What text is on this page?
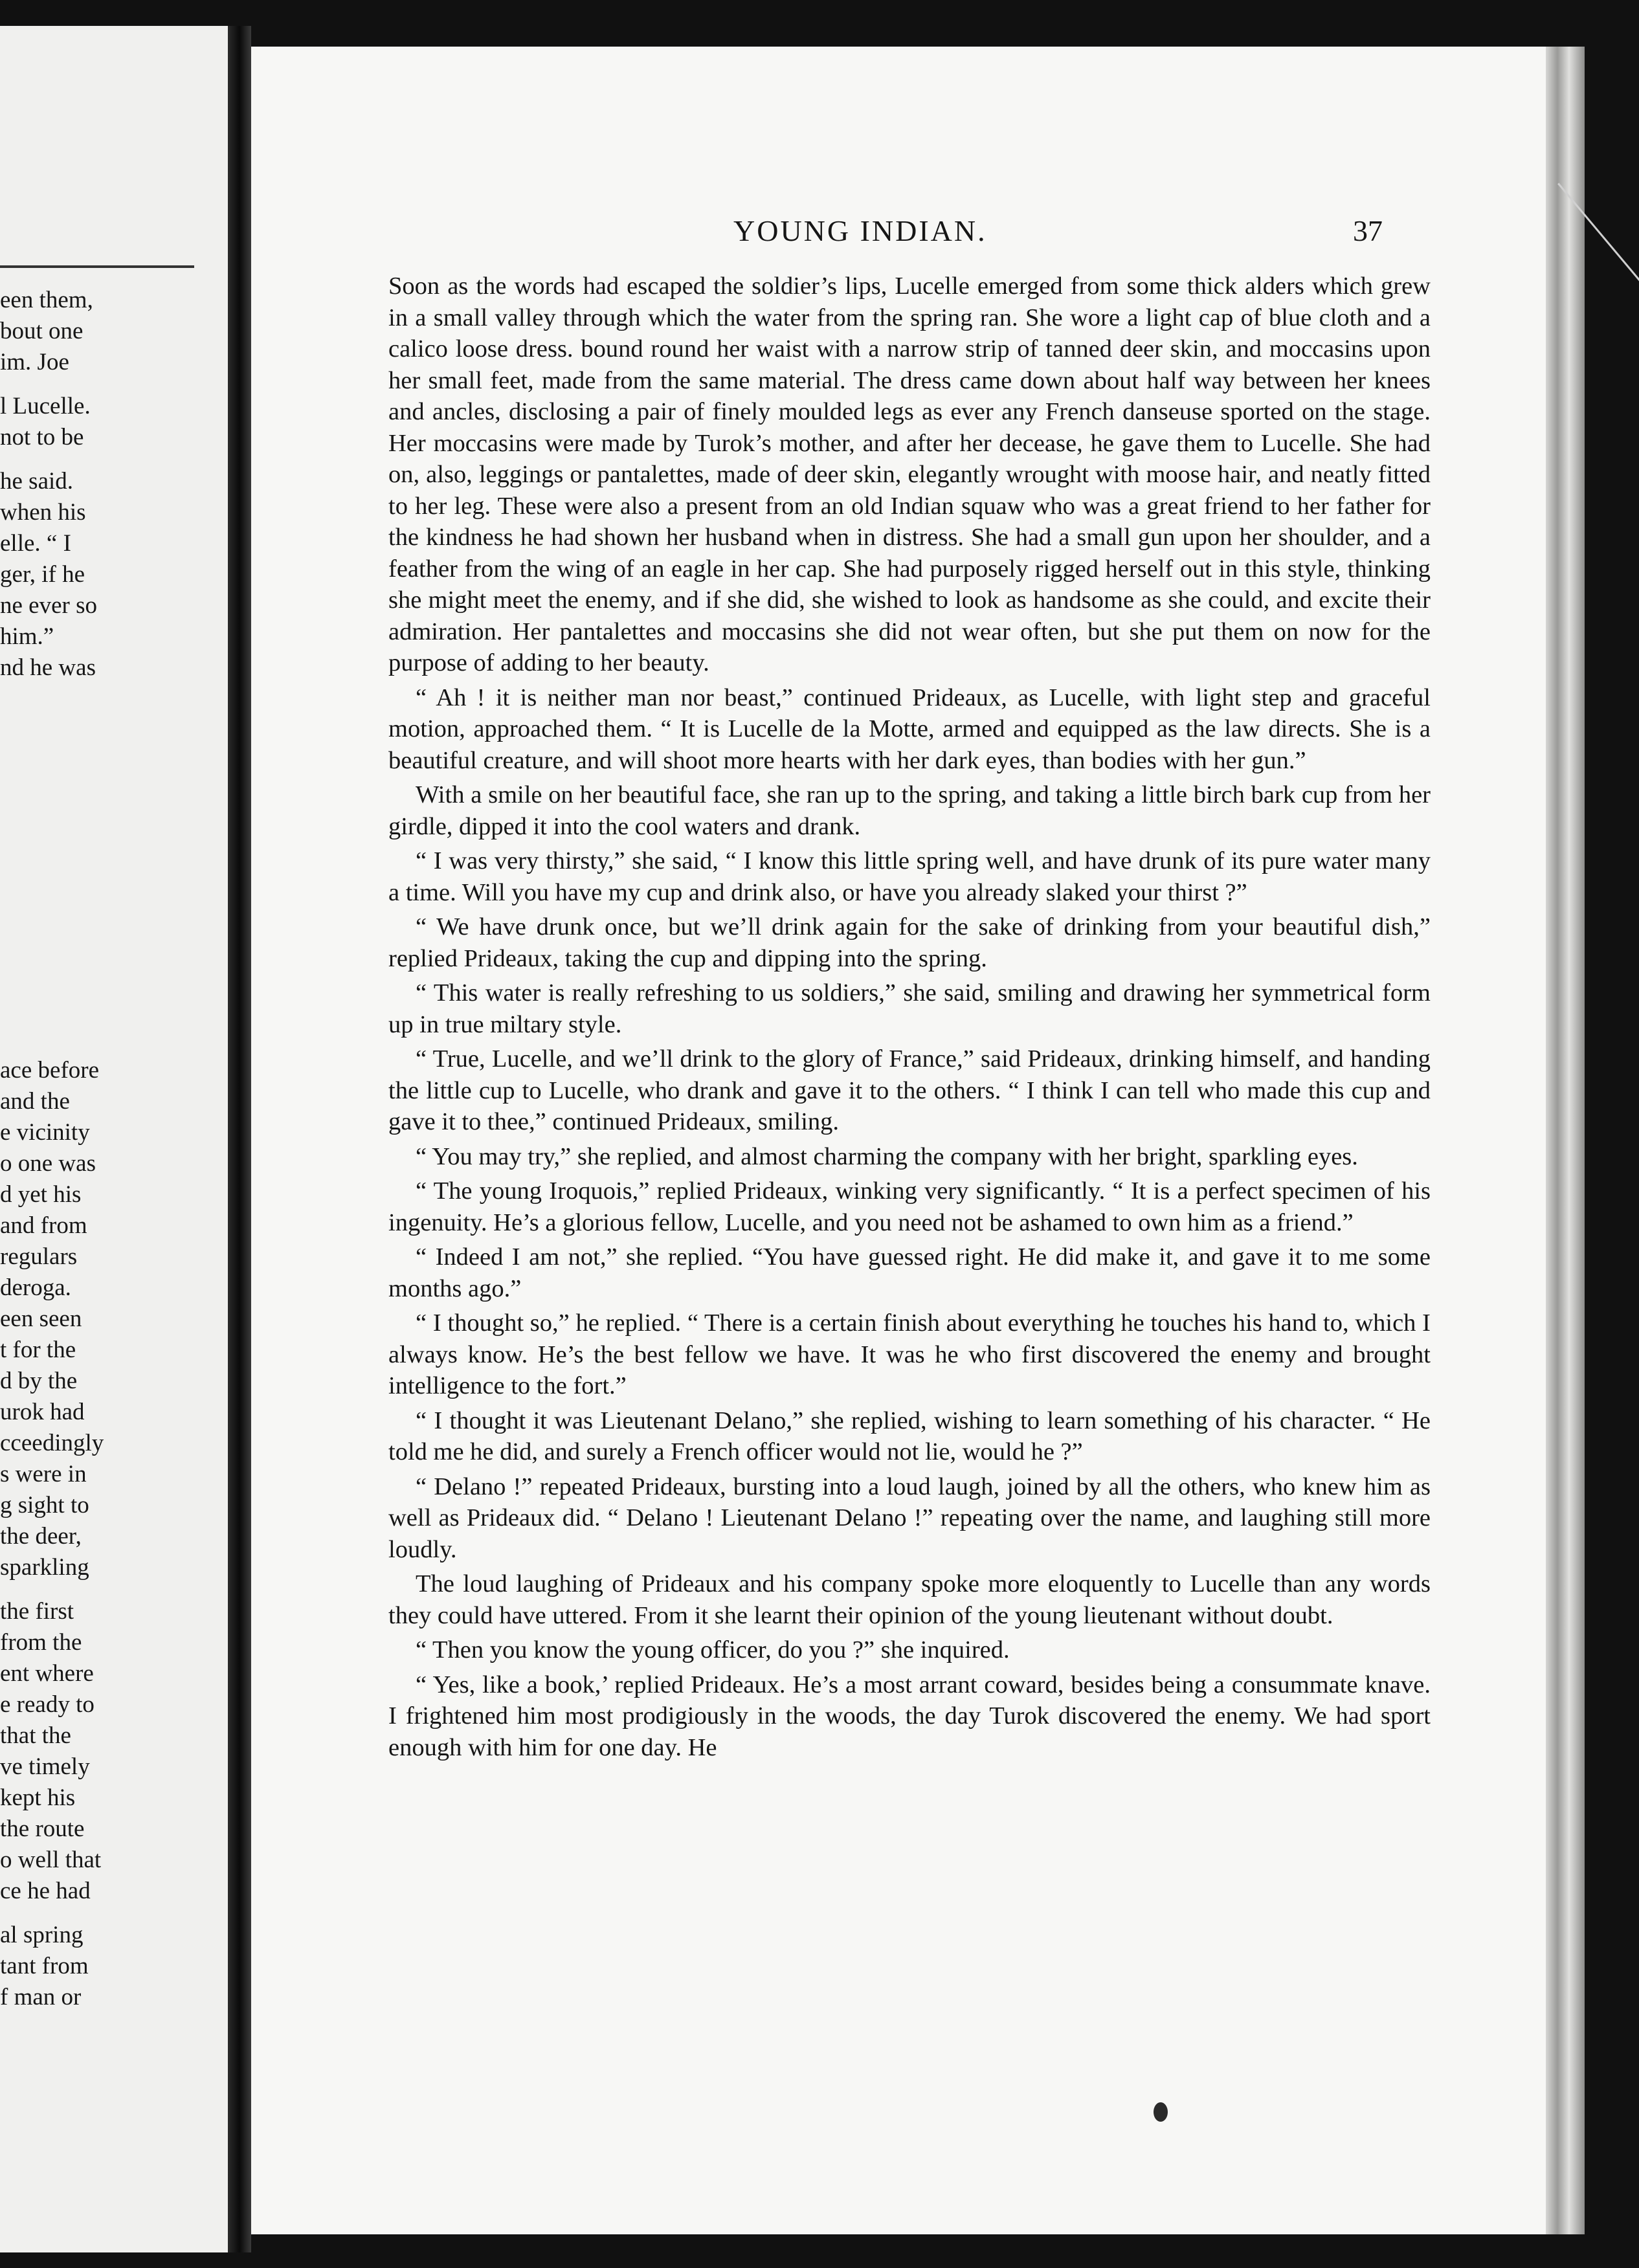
een them,
bout one
im. Joe
l Lucelle.
not to be
he said.
when his
elle. “ I
ger, if he
ne ever so
him.”
nd he was
ace before
and the
e vicinity
o one was
d yet his
and from
regulars
deroga.
een seen
t for the
d by the
urok had
cceedingly
s were in
g sight to
the deer,
sparkling
the first
from the
ent where
e ready to
that the
ve timely
kept his
the route
o well that
ce he had
al spring
tant from
f man or
YOUNG INDIAN.	37

Soon as the words had escaped the soldier’s lips, Lucelle emerged from some thick alders which grew in a small valley through which the water from the spring ran. She wore a light cap of blue cloth and a calico loose dress. bound round her waist with a narrow strip of tanned deer skin, and moccasins upon her small feet, made from the same material. The dress came down about half way between her knees and ancles, disclosing a pair of finely moulded legs as ever any French danseuse sported on the stage. Her moccasins were made by Turok’s mother, and after her decease, he gave them to Lucelle. She had on, also, leggings or pantalettes, made of deer skin, elegantly wrought with moose hair, and neatly fitted to her leg. These were also a present from an old Indian squaw who was a great friend to her father for the kindness he had shown her husband when in distress. She had a small gun upon her shoulder, and a feather from the wing of an eagle in her cap. She had purposely rigged herself out in this style, thinking she might meet the enemy, and if she did, she wished to look as handsome as she could, and excite their admiration. Her pantalettes and moccasins she did not wear often, but she put them on now for the purpose of adding to her beauty.

“ Ah ! it is neither man nor beast,” continued Prideaux, as Lucelle, with light step and graceful motion, approached them. “ It is Lucelle de la Motte, armed and equipped as the law directs. She is a beautiful creature, and will shoot more hearts with her dark eyes, than bodies with her gun.”

With a smile on her beautiful face, she ran up to the spring, and taking a little birch bark cup from her girdle, dipped it into the cool waters and drank.

“ I was very thirsty,” she said, “ I know this little spring well, and have drunk of its pure water many a time. Will you have my cup and drink also, or have you already slaked your thirst ?”

“ We have drunk once, but we’ll drink again for the sake of drinking from your beautiful dish,” replied Prideaux, taking the cup and dipping into the spring.

“ This water is really refreshing to us soldiers,” she said, smiling and drawing her symmetrical form up in true miltary style.

“ True, Lucelle, and we’ll drink to the glory of France,” said Prideaux, drinking himself, and handing the little cup to Lucelle, who drank and gave it to the others. “ I think I can tell who made this cup and gave it to thee,” continued Prideaux, smiling.

“ You may try,” she replied, and almost charming the company with her bright, sparkling eyes.

“ The young Iroquois,” replied Prideaux, winking very significantly. “ It is a perfect specimen of his ingenuity. He’s a glorious fellow, Lucelle, and you need not be ashamed to own him as a friend.”

“ Indeed I am not,” she replied. “You have guessed right. He did make it, and gave it to me some months ago.”

“ I thought so,” he replied. “ There is a certain finish about everything he touches his hand to, which I always know. He’s the best fellow we have. It was he who first discovered the enemy and brought intelligence to the fort.”

“ I thought it was Lieutenant Delano,” she replied, wishing to learn something of his character. “ He told me he did, and surely a French officer would not lie, would he ?”

“ Delano !” repeated Prideaux, bursting into a loud laugh, joined by all the others, who knew him as well as Prideaux did. “ Delano ! Lieutenant Delano !” repeating over the name, and laughing still more loudly.

The loud laughing of Prideaux and his company spoke more eloquently to Lucelle than any words they could have uttered. From it she learnt their opinion of the young lieutenant without doubt.

“ Then you know the young officer, do you ?” she inquired.

“ Yes, like a book,’ replied Prideaux. He’s a most arrant coward, besides being a consummate knave. I frightened him most prodigiously in the woods, the day Turok discovered the enemy. We had sport enough with him for one day. He
